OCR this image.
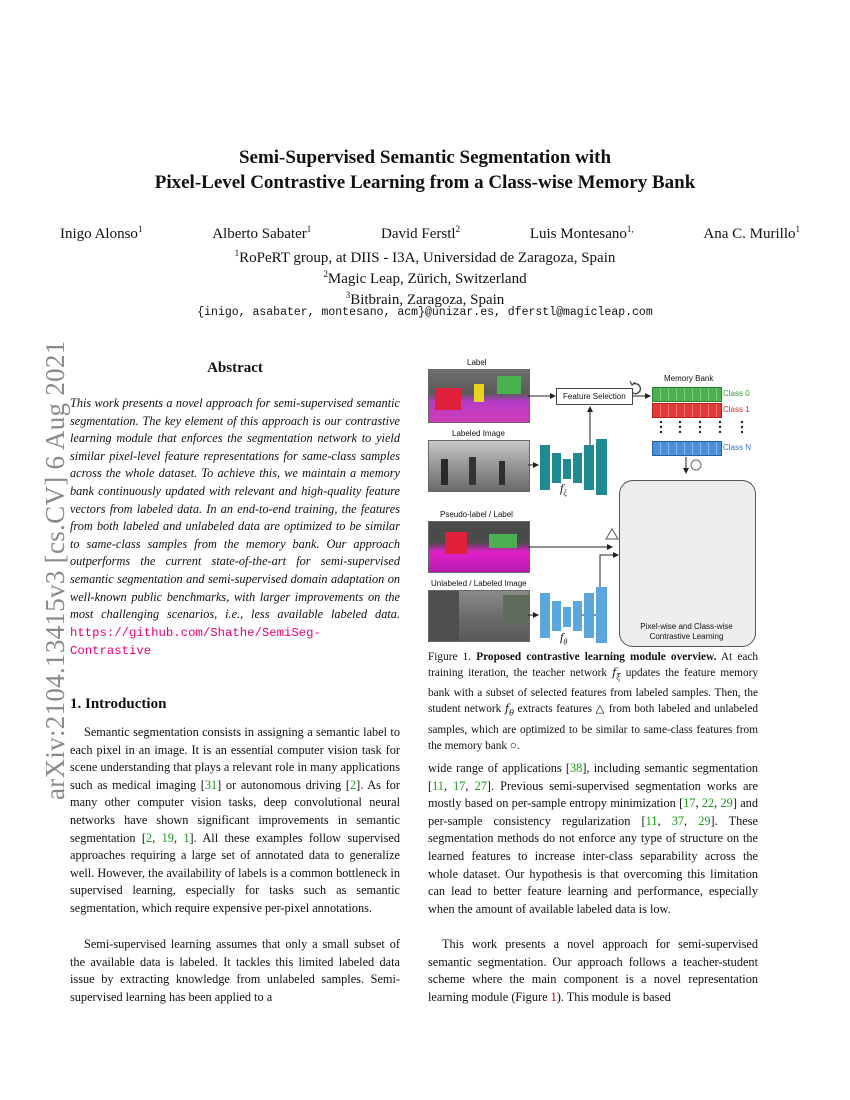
arXiv:2104.13415v3 [cs.CV] 6 Aug 2021
Semi-Supervised Semantic Segmentation with
Pixel-Level Contrastive Learning from a Class-wise Memory Bank
Inigo Alonso$^1$	Alberto Sabater$^1$	David Ferstl$^2$	Luis Montesano$^{1,}$	Ana C. Murillo$^1$
$^1$RoPeRT group, at DIIS - I3A, Universidad de Zaragoza, Spain
$^2$Magic Leap, Zürich, Switzerland
$^3$Bitbrain, Zaragoza, Spain
{inigo, asabater, montesano, acm}@unizar.es, dferstl@magicleap.com
Abstract
This work presents a novel approach for semi-supervised semantic segmentation. The key element of this approach is our contrastive learning module that enforces the segmentation network to yield similar pixel-level feature representations for same-class samples across the whole dataset. To achieve this, we maintain a memory bank continuously updated with relevant and high-quality feature vectors from labeled data. In an end-to-end training, the features from both labeled and unlabeled data are optimized to be similar to same-class samples from the memory bank. Our approach outperforms the current state-of-the-art for semi-supervised semantic segmentation and semi-supervised domain adaptation on well-known public benchmarks, with larger improvements on the most challenging scenarios, i.e., less available labeled data. https://github.com/Shathe/SemiSeg-Contrastive
1. Introduction
Semantic segmentation consists in assigning a semantic label to each pixel in an image. It is an essential computer vision task for scene understanding that plays a relevant role in many applications such as medical imaging [31] or autonomous driving [2]. As for many other computer vision tasks, deep convolutional neural networks have shown significant improvements in semantic segmentation [2, 19, 1]. All these examples follow supervised approaches requiring a large set of annotated data to generalize well. However, the availability of labels is a common bottleneck in supervised learning, especially for tasks such as semantic segmentation, which require expensive per-pixel annotations.
Semi-supervised learning assumes that only a small subset of the available data is labeled. It tackles this limited labeled data issue by extracting knowledge from unlabeled samples. Semi-supervised learning has been applied to a
wide range of applications [38], including semantic segmentation [11, 17, 27]. Previous semi-supervised segmentation works are mostly based on per-sample entropy minimization [17, 22, 29] and per-sample consistency regularization [11, 37, 29]. These segmentation methods do not enforce any type of structure on the learned features to increase inter-class separability across the whole dataset. Our hypothesis is that overcoming this limitation can lead to better feature learning and performance, especially when the amount of available labeled data is low.
This work presents a novel approach for semi-supervised semantic segmentation. Our approach follows a teacher-student scheme where the main component is a novel representation learning module (Figure 1). This module is based
Label
Labeled Image
Pseudo-label / Label
Unlabeled / Labeled Image
Feature Selection
Memory Bank
Class 0
Class 1
Class N
$f_\xi$
$f_\theta$
Pixel-wise and Class-wise
Contrastive Learning
Figure 1. Proposed contrastive learning module overview. At each training iteration, the teacher network $f_\xi$ updates the feature memory bank with a subset of selected features from labeled samples. Then, the student network $f_\theta$ extracts features △ from both labeled and unlabeled samples, which are optimized to be similar to same-class features from the memory bank ○.
